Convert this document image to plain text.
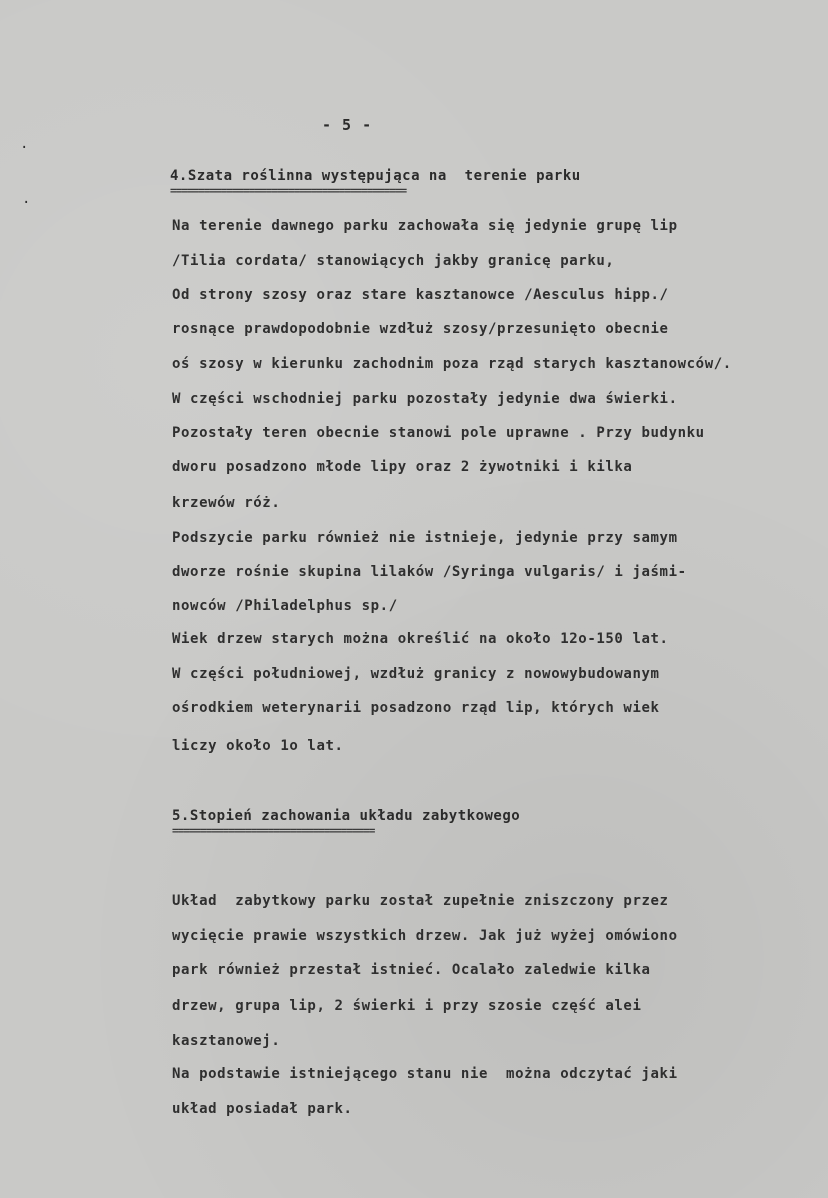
- 5 -
4.Szata roślinna występująca na  terenie parku
==========================================
Na terenie dawnego parku zachowała się jedynie grupę lip
/Tilia cordata/ stanowiących jakby granicę parku,
Od strony szosy oraz stare kasztanowce /Aesculus hipp./
rosnące prawdopodobnie wzdłuż szosy/przesunięto obecnie
oś szosy w kierunku zachodnim poza rząd starych kasztanowców/.
W części wschodniej parku pozostały jedynie dwa świerki.
Pozostały teren obecnie stanowi pole uprawne . Przy budynku
dworu posadzono młode lipy oraz 2 żywotniki i kilka
krzewów róż.
Podszycie parku również nie istnieje, jedynie przy samym
dworze rośnie skupina lilaków /Syringa vulgaris/ i jaśmi-
nowców /Philadelphus sp./
Wiek drzew starych można określić na około 12o-150 lat.
W części południowej, wzdłuż granicy z nowowybudowanym
ośrodkiem weterynarii posadzono rząd lip, których wiek
liczy około 1o lat.
5.Stopień zachowania układu zabytkowego
====================================
Układ  zabytkowy parku został zupełnie zniszczony przez
wycięcie prawie wszystkich drzew. Jak już wyżej omówiono
park również przestał istnieć. Ocalało zaledwie kilka
drzew, grupa lip, 2 świerki i przy szosie część alei
kasztanowej.
Na podstawie istniejącego stanu nie  można odczytać jaki
układ posiadał park.
·
·
